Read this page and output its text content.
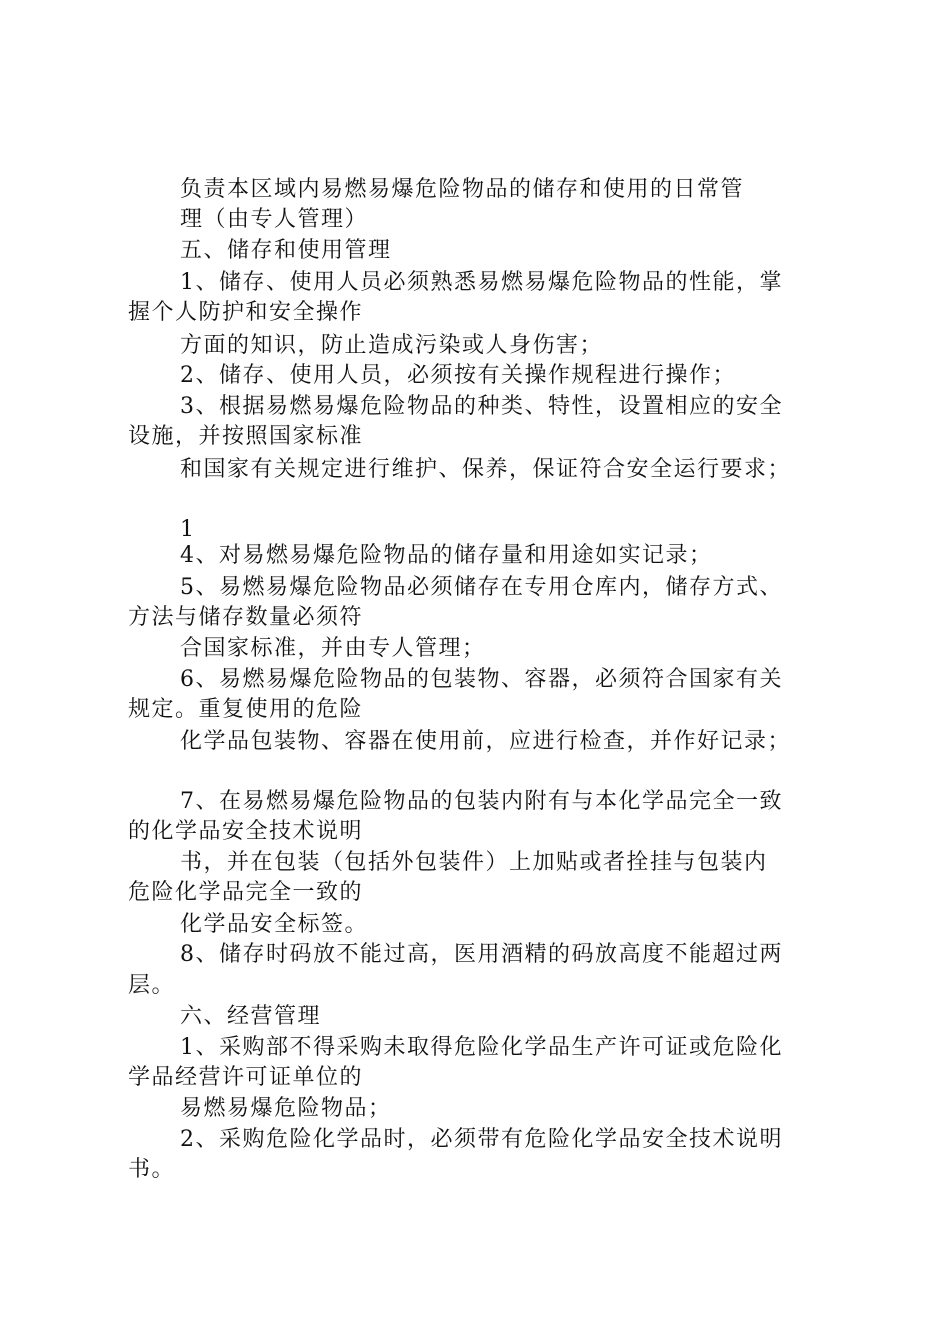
负责本区域内易燃易爆危险物品的储存和使用的日常管
理（由专人管理）
五、储存和使用管理
1、储存、使用人员必须熟悉易燃易爆危险物品的性能，掌
握个人防护和安全操作
方面的知识，防止造成污染或人身伤害；
2、储存、使用人员，必须按有关操作规程进行操作；
3、根据易燃易爆危险物品的种类、特性，设置相应的安全
设施，并按照国家标准
和国家有关规定进行维护、保养，保证符合安全运行要求；
1
4、对易燃易爆危险物品的储存量和用途如实记录；
5、易燃易爆危险物品必须储存在专用仓库内，储存方式、
方法与储存数量必须符
合国家标准，并由专人管理；
6、易燃易爆危险物品的包装物、容器，必须符合国家有关
规定。重复使用的危险
化学品包装物、容器在使用前，应进行检查，并作好记录；
7、在易燃易爆危险物品的包装内附有与本化学品完全一致
的化学品安全技术说明
书，并在包装（包括外包装件）上加贴或者拴挂与包装内
危险化学品完全一致的
化学品安全标签。
8、储存时码放不能过高，医用酒精的码放高度不能超过两
层。
六、经营管理
1、采购部不得采购未取得危险化学品生产许可证或危险化
学品经营许可证单位的
易燃易爆危险物品；
2、采购危险化学品时，必须带有危险化学品安全技术说明
书。
